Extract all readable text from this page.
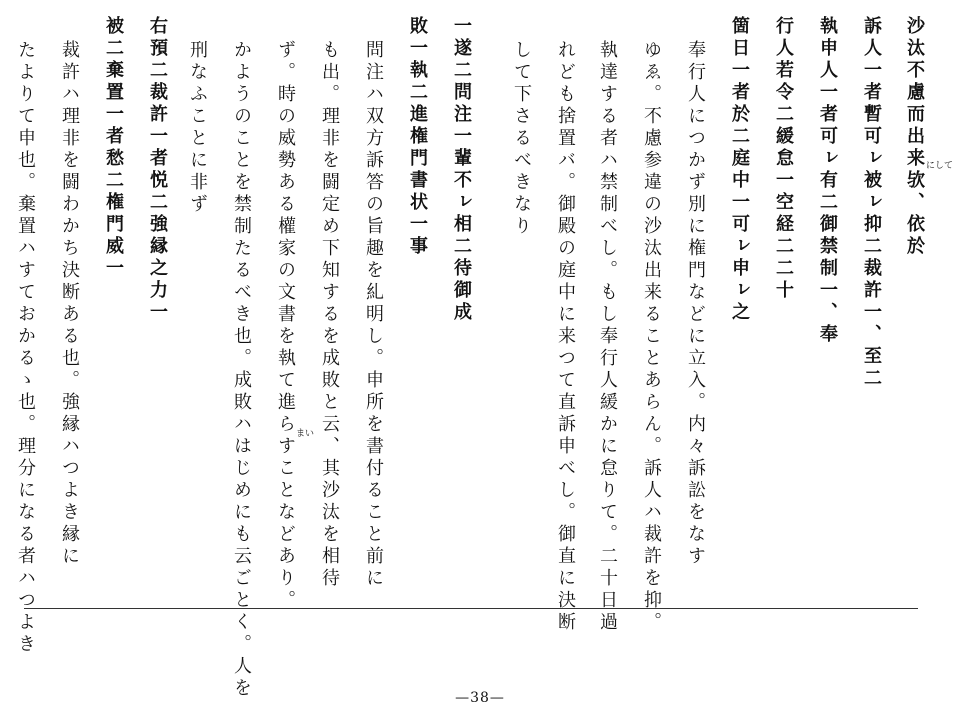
沙汰不慮而出来欤、依於 にして
訴人一者暫可ㇾ被ㇾ抑二裁許一、至二
執申人一者可ㇾ有二御禁制一、奉
行人若令二緩怠一空経二二十
箇日一者於二庭中一可ㇾ申ㇾ之
奉行人につかず別に権門などに立入。内々訴訟をなす
ゆゑ。不慮参違の沙汰出来ることあらん。訴人ハ裁許を抑。
執達する者ハ禁制べし。もし奉行人緩かに怠りて。二十日過
れども捨置バ。御殿の庭中に来つて直訴申べし。御直に決断
して下さるべきなり
一遂二問注一輩不ㇾ相二待御成
敗一執二進権門書状一事
問注ハ双方訴答の旨趣を糺明し。申所を書付ること前に
も出。理非を闘定め下知するを成敗と云、其沙汰を相待
まい
ず。時の威勢ある權家の文書を執て進らすことなどあり。
かようのことを禁制たるべき也。成敗ハはじめにも云ごとく。人を
刑なふことに非ず
右預二裁許一者悦二強縁之力一
被二棄置一者愁二権門威一
裁許ハ理非を闘わかち決断ある也。強縁ハつよき縁に
たよりて申也。棄置ハすておかるゝ也。理分になる者ハつよき
—38—
